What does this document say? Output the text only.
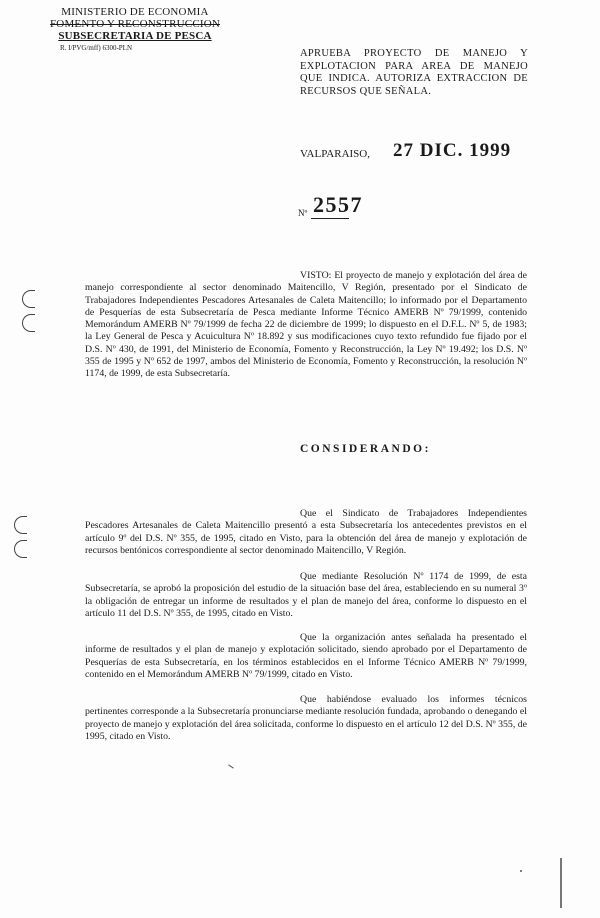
MINISTERIO DE ECONOMIA
FOMENTO Y RECONSTRUCCION
SUBSECRETARIA DE PESCA
R. I/PVG/mff) 6300-PLN	APRUEBA PROYECTO DE MANEJO Y EXPLOTACION PARA AREA DE MANEJO QUE INDICA. AUTORIZA EXTRACCION DE RECURSOS QUE SEÑALA.
VALPARAISO, 27 DIC. 1999
Nº 2557
VISTO: El proyecto de manejo y explotación del área de manejo correspondiente al sector denominado Maitencillo, V Región, presentado por el Sindicato de Trabajadores Independientes Pescadores Artesanales de Caleta Maitencillo; lo informado por el Departamento de Pesquerías de esta Subsecretaría de Pesca mediante Informe Técnico AMERB Nº 79/1999, contenido Memorándum AMERB Nº 79/1999 de fecha 22 de diciembre de 1999; lo dispuesto en el D.F.L. Nº 5, de 1983; la Ley General de Pesca y Acuicultura Nº 18.892 y sus modificaciones cuyo texto refundido fue fijado por el D.S. Nº 430, de 1991, del Ministerio de Economía, Fomento y Reconstrucción, la Ley Nº 19.492; los D.S. Nº 355 de 1995 y Nº 652 de 1997, ambos del Ministerio de Economía, Fomento y Reconstrucción, la resolución Nº 1174, de 1999, de esta Subsecretaría.
CONSIDERANDO:
Que el Sindicato de Trabajadores Independientes Pescadores Artesanales de Caleta Maitencillo presentó a esta Subsecretaría los antecedentes previstos en el artículo 9º del D.S. Nº 355, de 1995, citado en Visto, para la obtención del área de manejo y explotación de recursos bentónicos correspondiente al sector denominado Maitencillo, V Región.
Que mediante Resolución Nº 1174 de 1999, de esta Subsecretaría, se aprobó la proposición del estudio de la situación base del área, estableciendo en su numeral 3º la obligación de entregar un informe de resultados y el plan de manejo del área, conforme lo dispuesto en el artículo 11 del D.S. Nº 355, de 1995, citado en Visto.
Que la organización antes señalada ha presentado el informe de resultados y el plan de manejo y explotación solicitado, siendo aprobado por el Departamento de Pesquerías de esta Subsecretaría, en los términos establecidos en el Informe Técnico AMERB Nº 79/1999, contenido en el Memorándum AMERB Nº 79/1999, citado en Visto.
Que habiéndose evaluado los informes técnicos pertinentes corresponde a la Subsecretaría pronunciarse mediante resolución fundada, aprobando o denegando el proyecto de manejo y explotación del área solicitada, conforme lo dispuesto en el artículo 12 del D.S. Nº 355, de 1995, citado en Visto.
